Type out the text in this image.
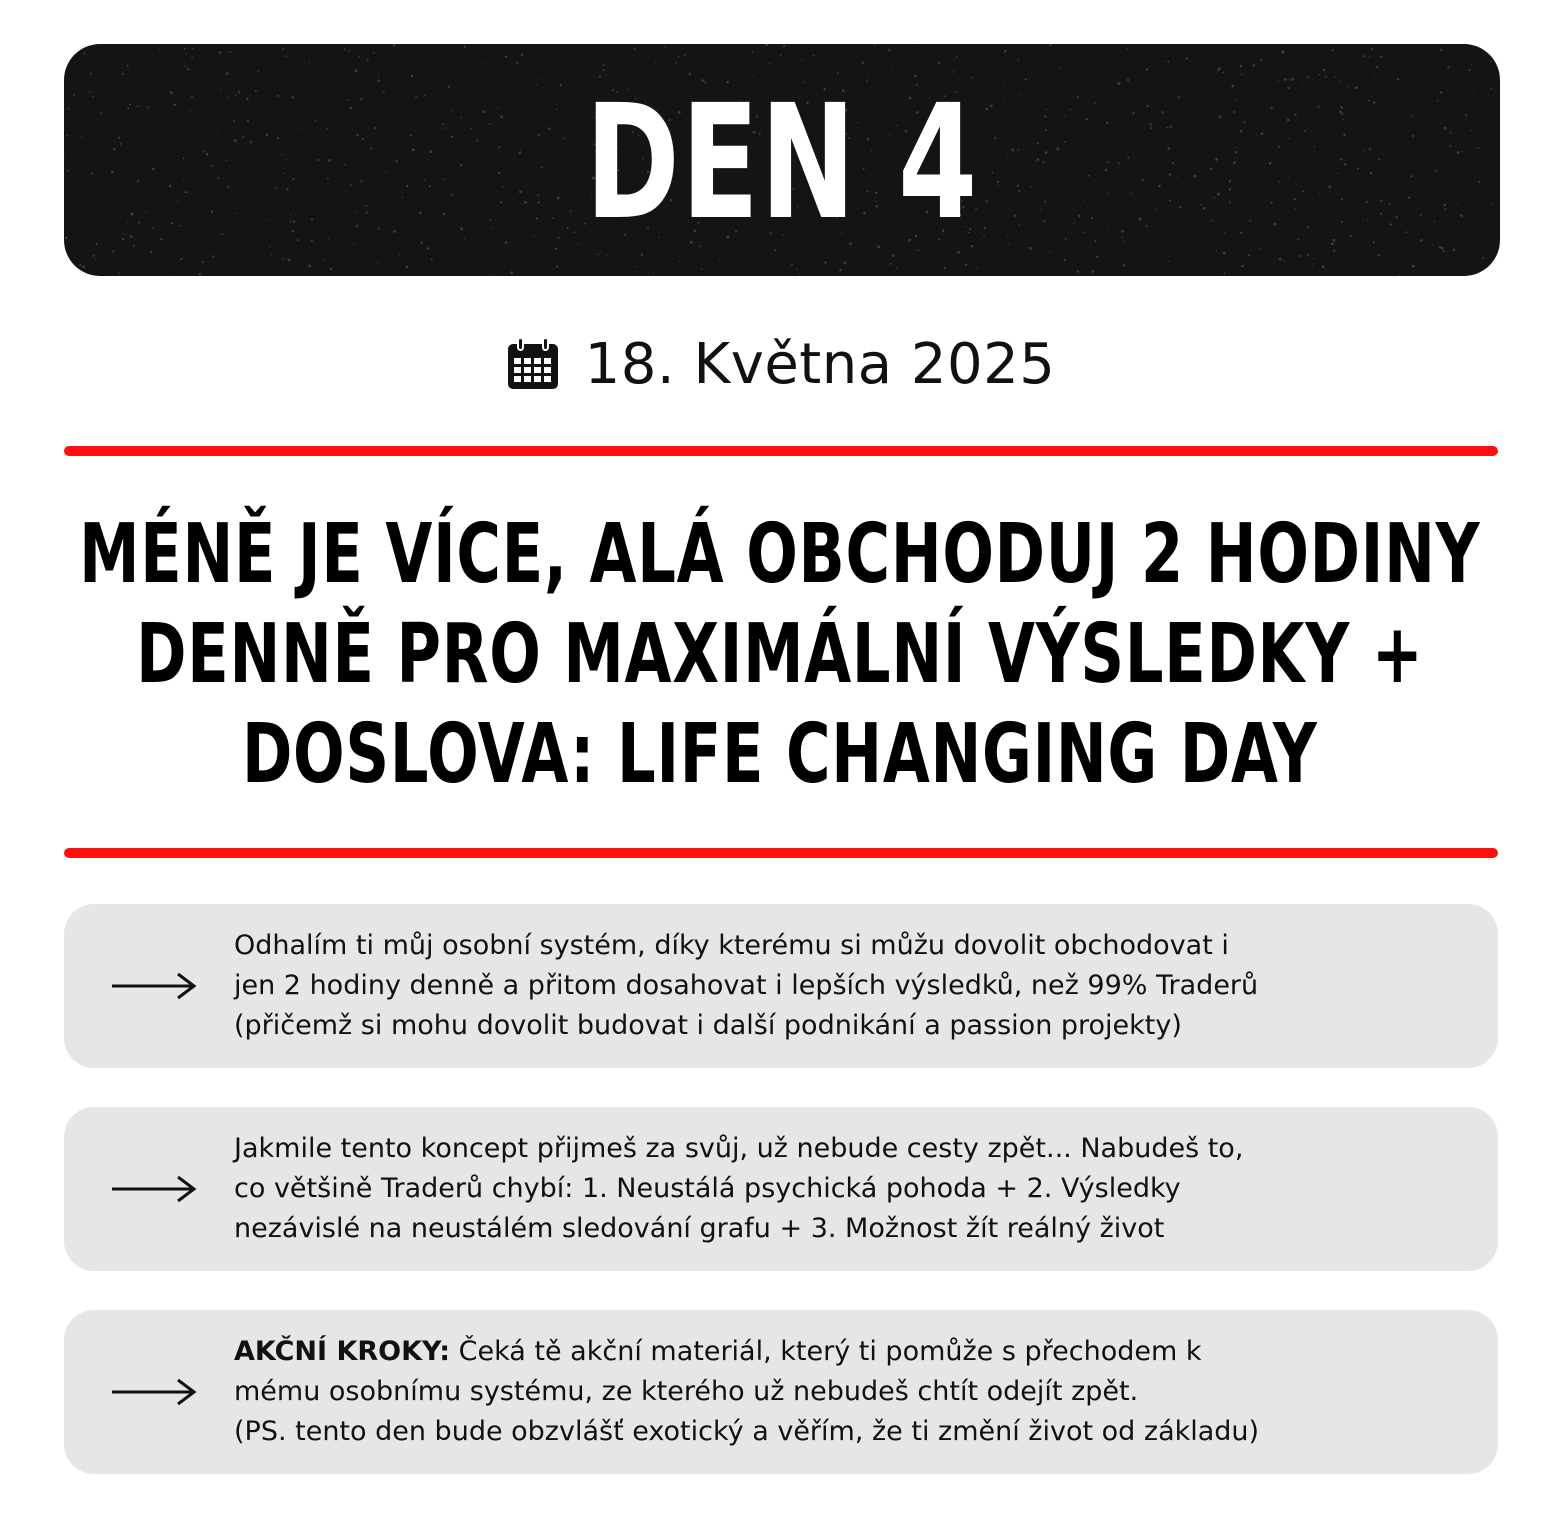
DEN 4
18. Května 2025
MÉNĚ JE VÍCE, ALÁ OBCHODUJ 2 HODINY
DENNĚ PRO MAXIMÁLNÍ VÝSLEDKY +
DOSLOVA: LIFE CHANGING DAY
Odhalím ti můj osobní systém, díky kterému si můžu dovolit obchodovat i
jen 2 hodiny denně a přitom dosahovat i lepších výsledků, než 99% Traderů
(přičemž si mohu dovolit budovat i další podnikání a passion projekty)
Jakmile tento koncept přijmeš za svůj, už nebude cesty zpět... Nabudeš to,
co většině Traderů chybí: 1. Neustálá psychická pohoda + 2. Výsledky
nezávislé na neustálém sledování grafu + 3. Možnost žít reálný život
AKČNÍ KROKY: Čeká tě akční materiál, který ti pomůže s přechodem k
mému osobnímu systému, ze kterého už nebudeš chtít odejít zpět.
(PS. tento den bude obzvlášť exotický a věřím, že ti změní život od základu)
